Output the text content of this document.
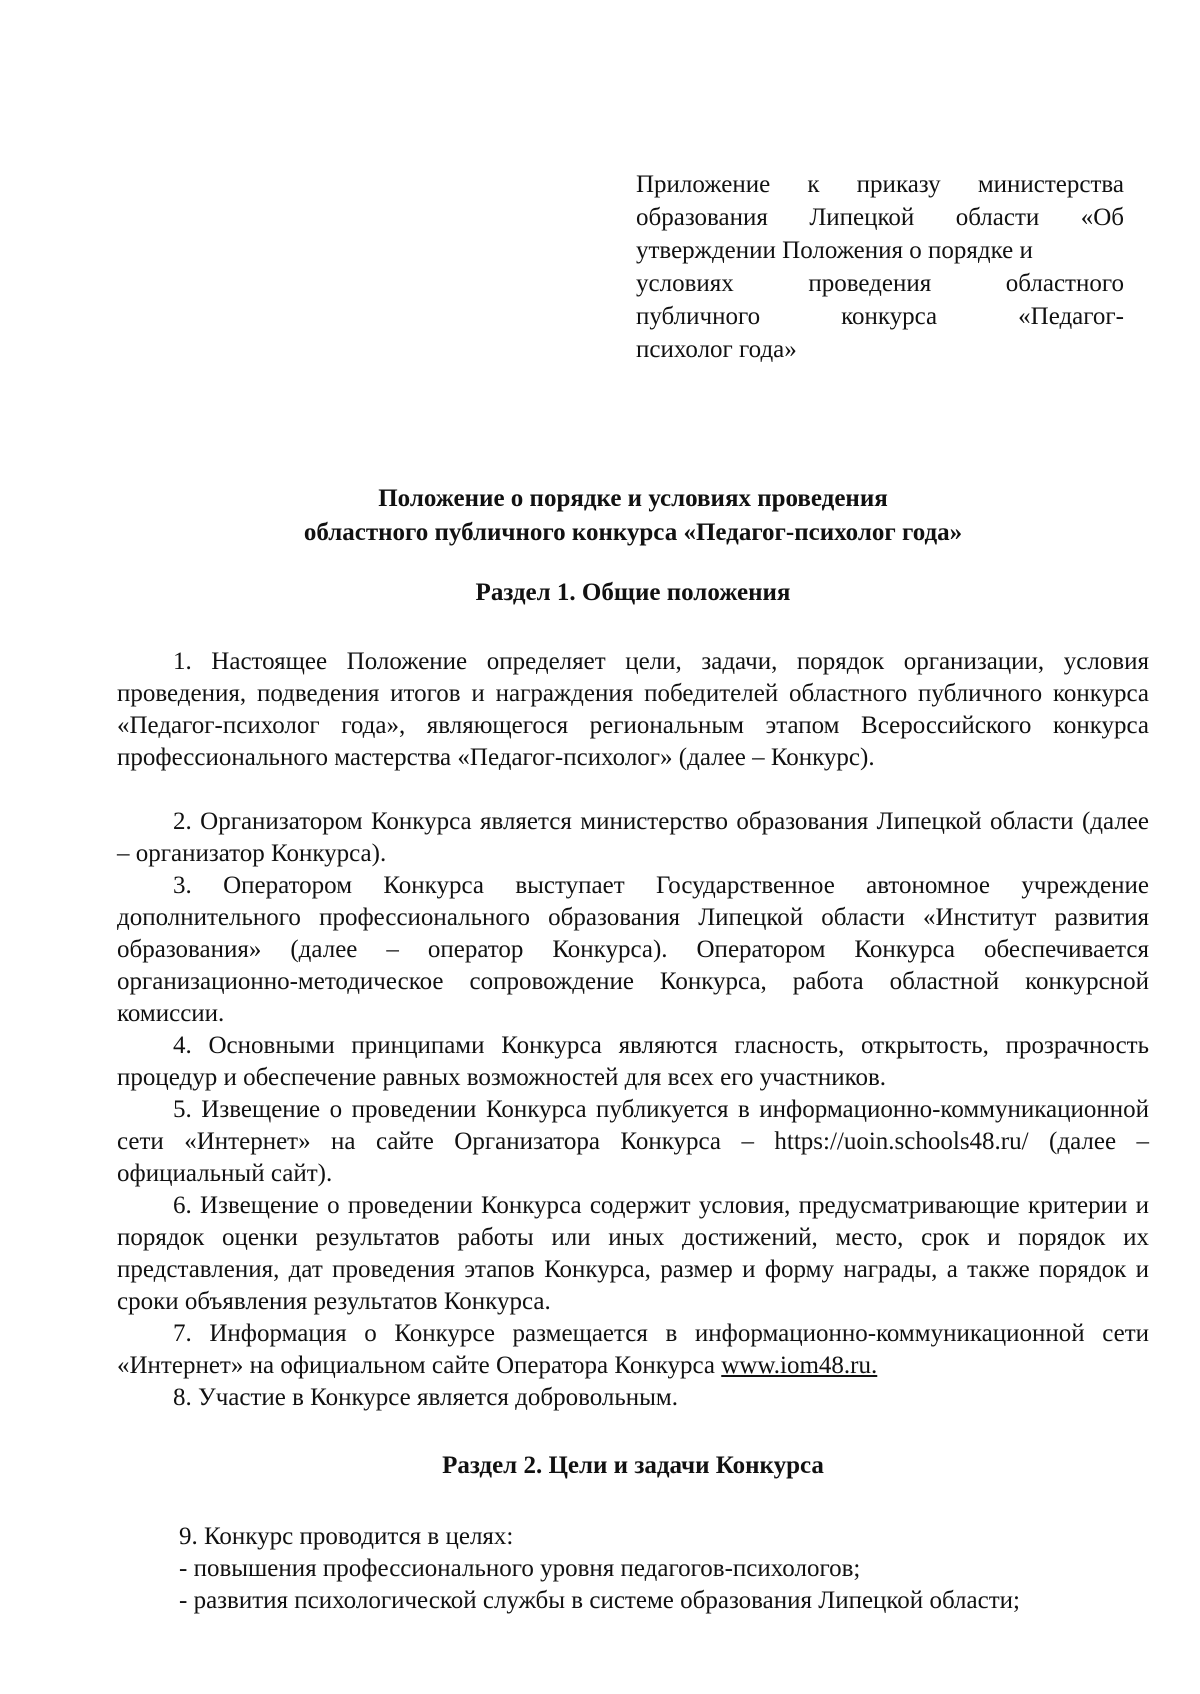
Приложение к приказу министерства
образования Липецкой области «Об
утверждении Положения о порядке и
условиях проведения областного
публичного конкурса «Педагог-
психолог года»
Положение о порядке и условиях проведения
областного публичного конкурса «Педагог-психолог года»
Раздел 1. Общие положения
1. Настоящее Положение определяет цели, задачи, порядок организации, условия проведения, подведения итогов и награждения победителей областного публичного конкурса «Педагог-психолог года», являющегося региональным этапом Всероссийского конкурса профессионального мастерства «Педагог-психолог» (далее – Конкурс).
2. Организатором Конкурса является министерство образования Липецкой области (далее – организатор Конкурса).
3. Оператором Конкурса выступает Государственное автономное учреждение дополнительного профессионального образования Липецкой области «Институт развития образования» (далее – оператор Конкурса). Оператором Конкурса обеспечивается организационно-методическое сопровождение Конкурса, работа областной конкурсной комиссии.
4. Основными принципами Конкурса являются гласность, открытость, прозрачность процедур и обеспечение равных возможностей для всех его участников.
5. Извещение о проведении Конкурса публикуется в информационно-коммуникационной сети «Интернет» на сайте Организатора Конкурса – https://uoin.schools48.ru/ (далее – официальный сайт).
6. Извещение о проведении Конкурса содержит условия, предусматривающие критерии и порядок оценки результатов работы или иных достижений, место, срок и порядок их представления, дат проведения этапов Конкурса, размер и форму награды, а также порядок и сроки объявления результатов Конкурса.
7. Информация о Конкурсе размещается в информационно-коммуникационной сети «Интернет» на официальном сайте Оператора Конкурса www.iom48.ru.
8. Участие в Конкурсе является добровольным.
Раздел 2. Цели и задачи Конкурса
9. Конкурс проводится в целях:
- повышения профессионального уровня педагогов-психологов;
- развития психологической службы в системе образования Липецкой области;
